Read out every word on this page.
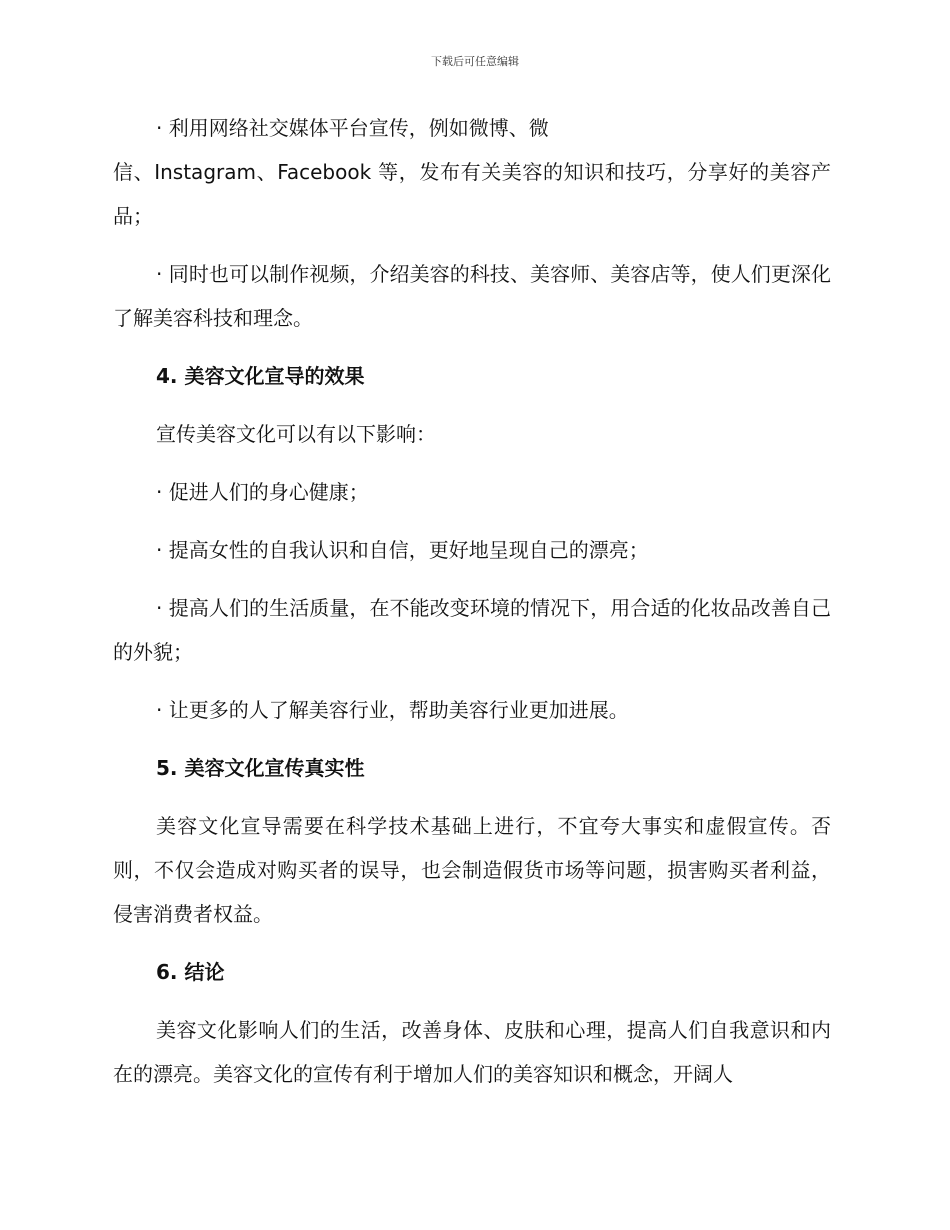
下载后可任意编辑

· 利用网络社交媒体平台宣传，例如微博、微
信、Instagram、Facebook 等，发布有关美容的知识和技巧，分享好的美容产品；

· 同时也可以制作视频，介绍美容的科技、美容师、美容店等，使人们更深化了解美容科技和理念。

4. 美容文化宣导的效果

宣传美容文化可以有以下影响：

· 促进人们的身心健康；

· 提高女性的自我认识和自信，更好地呈现自己的漂亮；

· 提高人们的生活质量，在不能改变环境的情况下，用合适的化妆品改善自己的外貌；

· 让更多的人了解美容行业，帮助美容行业更加进展。

5. 美容文化宣传真实性

美容文化宣导需要在科学技术基础上进行，不宜夸大事实和虚假宣传。否则，不仅会造成对购买者的误导，也会制造假货市场等问题，损害购买者利益，侵害消费者权益。

6. 结论

美容文化影响人们的生活，改善身体、皮肤和心理，提高人们自我意识和内在的漂亮。美容文化的宣传有利于增加人们的美容知识和概念，开阔人
